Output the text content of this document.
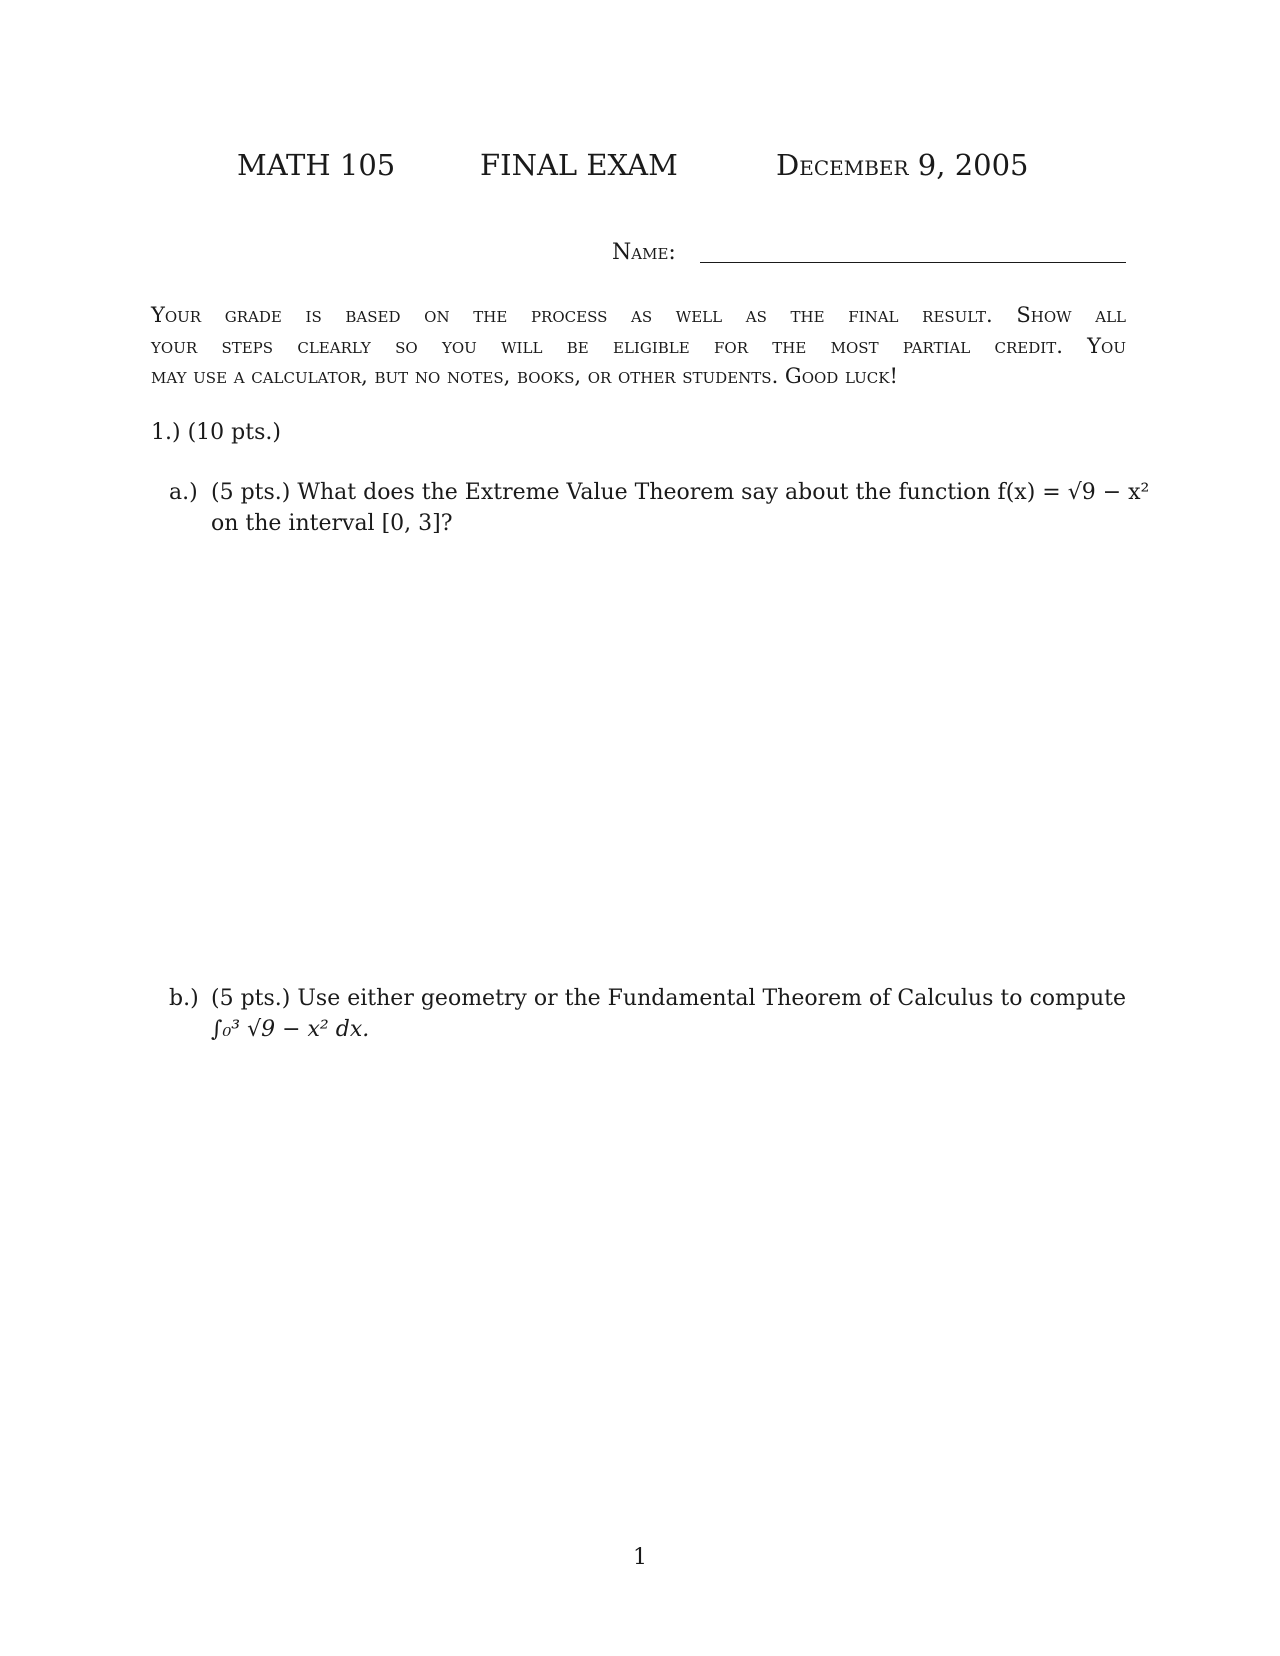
MATH 105	FINAL EXAM	December 9, 2005
Name:
Your grade is based on the process as well as the final result. Show all
your steps clearly so you will be eligible for the most partial credit. You
may use a calculator, but no notes, books, or other students. Good luck!
1.) (10 pts.)
a.) (5 pts.) What does the Extreme Value Theorem say about the function f(x) = √9 − x²
on the interval [0, 3]?
b.) (5 pts.) Use either geometry or the Fundamental Theorem of Calculus to compute
∫₀³ √9 − x² dx.
1
